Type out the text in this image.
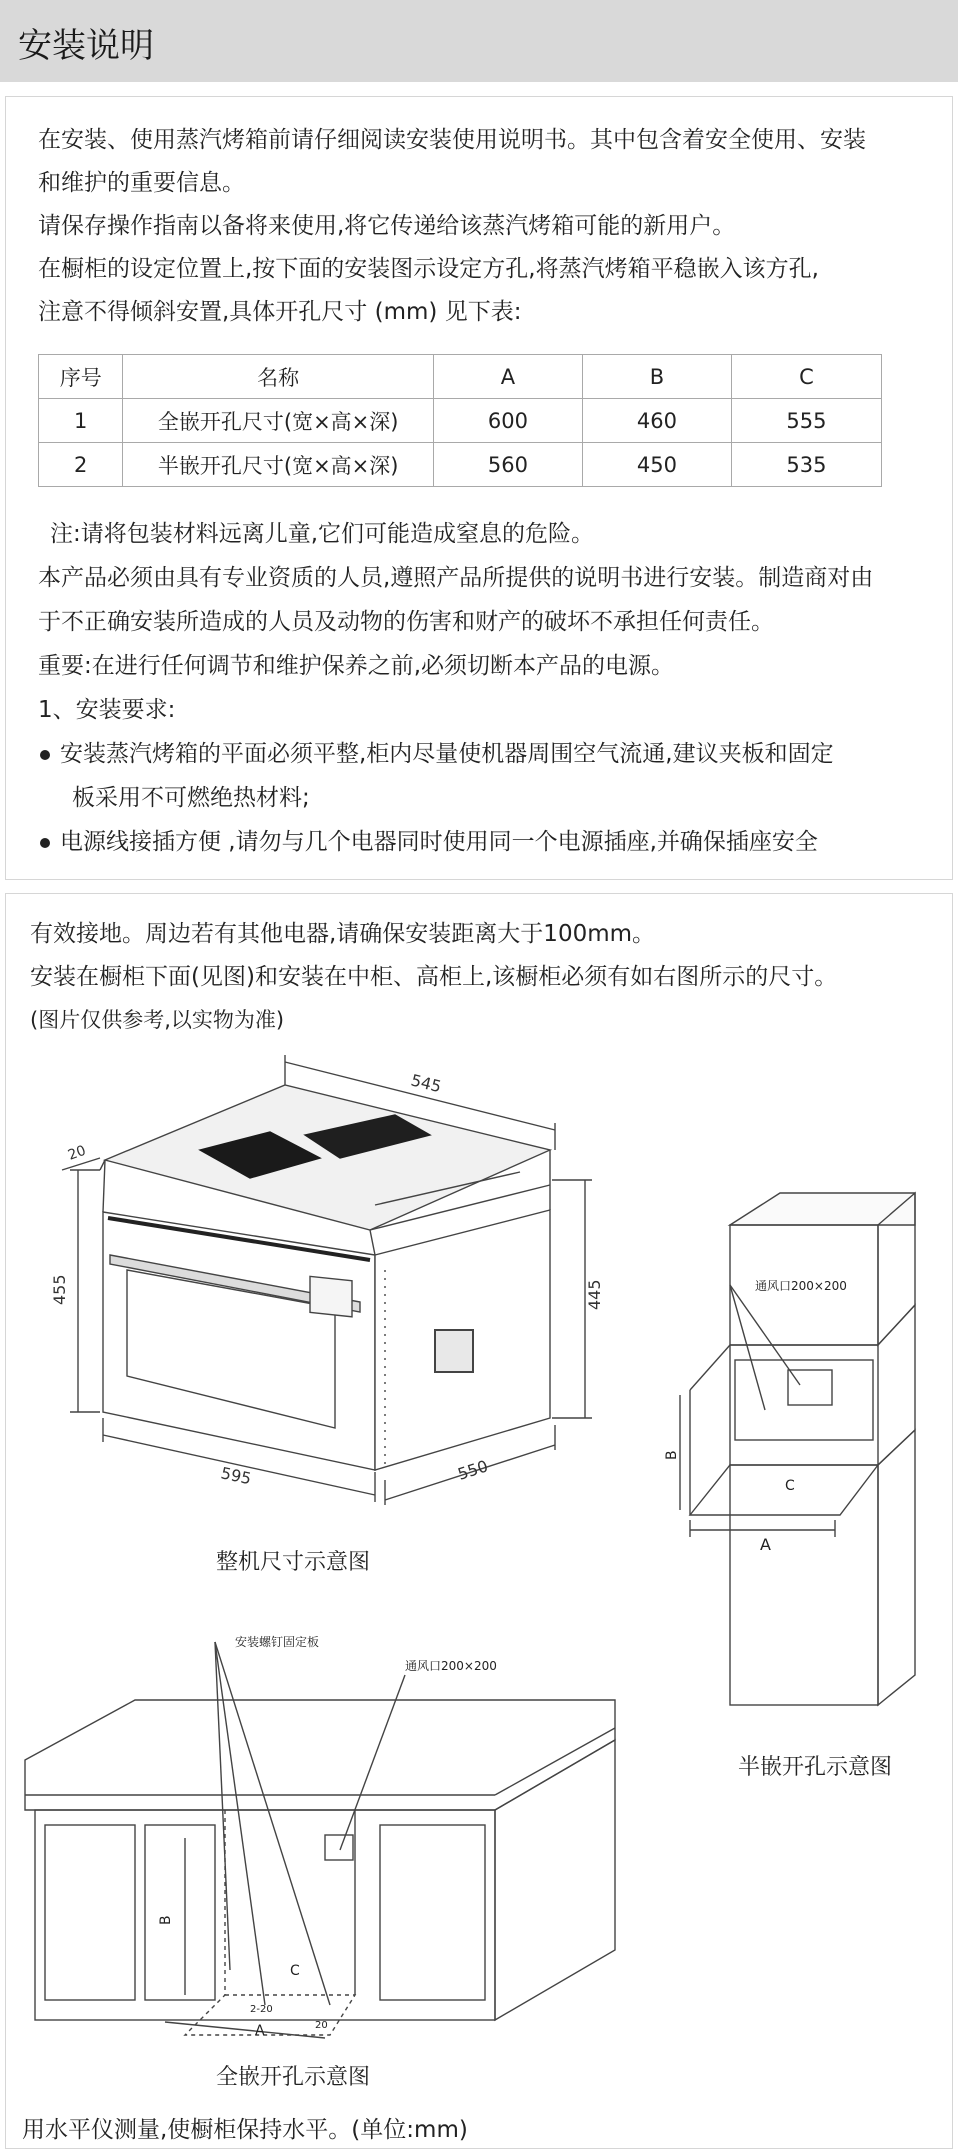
安装说明
在安装、使用蒸汽烤箱前请仔细阅读安装使用说明书。其中包含着安全使用、安装
和维护的重要信息。
请保存操作指南以备将来使用,将它传递给该蒸汽烤箱可能的新用户。
在橱柜的设定位置上,按下面的安装图示设定方孔,将蒸汽烤箱平稳嵌入该方孔,
注意不得倾斜安置,具体开孔尺寸 (mm) 见下表:
序号	名称	A	B	C
1	全嵌开孔尺寸(宽×高×深)	600	460	555
2	半嵌开孔尺寸(宽×高×深)	560	450	535
注:请将包装材料远离儿童,它们可能造成窒息的危险。
本产品必须由具有专业资质的人员,遵照产品所提供的说明书进行安装。制造商对由
于不正确安装所造成的人员及动物的伤害和财产的破坏不承担任何责任。
重要:在进行任何调节和维护保养之前,必须切断本产品的电源。
1、安装要求:
安装蒸汽烤箱的平面必须平整,柜内尽量使机器周围空气流通,建议夹板和固定
板采用不可燃绝热材料;
电源线接插方便 ,请勿与几个电器同时使用同一个电源插座,并确保插座安全
有效接地。周边若有其他电器,请确保安装距离大于100mm。
安装在橱柜下面(见图)和安装在中柜、高柜上,该橱柜必须有如右图所示的尺寸。
(图片仅供参考,以实物为准)
545
20
455	445
595	550
整机尺寸示意图
通风口200×200
A
B
C
半嵌开孔示意图
安装螺钉固定板
通风口200×200
B
C
A
2-20
20
全嵌开孔示意图
用水平仪测量,使橱柜保持水平。(单位:mm)
